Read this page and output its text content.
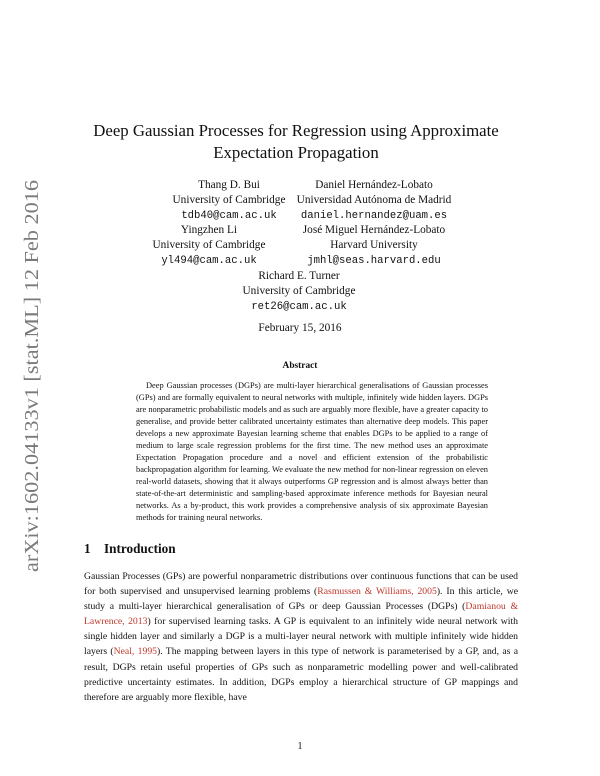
arXiv:1602.04133v1 [stat.ML] 12 Feb 2016
Deep Gaussian Processes for Regression using Approximate Expectation Propagation
Thang D. Bui
University of Cambridge
tdb40@cam.ac.uk
Daniel Hernández-Lobato
Universidad Autónoma de Madrid
daniel.hernandez@uam.es
Yingzhen Li
University of Cambridge
yl494@cam.ac.uk
José Miguel Hernández-Lobato
Harvard University
jmhl@seas.harvard.edu
Richard E. Turner
University of Cambridge
ret26@cam.ac.uk
February 15, 2016
Abstract
Deep Gaussian processes (DGPs) are multi-layer hierarchical generalisations of Gaussian processes (GPs) and are formally equivalent to neural networks with multiple, infinitely wide hidden layers. DGPs are nonparametric probabilistic models and as such are arguably more flexible, have a greater capacity to generalise, and provide better calibrated uncertainty estimates than alternative deep models. This paper develops a new approximate Bayesian learning scheme that enables DGPs to be applied to a range of medium to large scale regression problems for the first time. The new method uses an approximate Expectation Propagation procedure and a novel and efficient extension of the probabilistic backpropagation algorithm for learning. We evaluate the new method for non-linear regression on eleven real-world datasets, showing that it always outperforms GP regression and is almost always better than state-of-the-art deterministic and sampling-based approximate inference methods for Bayesian neural networks. As a by-product, this work provides a comprehensive analysis of six approximate Bayesian methods for training neural networks.
1 Introduction
Gaussian Processes (GPs) are powerful nonparametric distributions over continuous functions that can be used for both supervised and unsupervised learning problems (Rasmussen & Williams, 2005). In this article, we study a multi-layer hierarchical generalisation of GPs or deep Gaussian Processes (DGPs) (Damianou & Lawrence, 2013) for supervised learning tasks. A GP is equivalent to an infinitely wide neural network with single hidden layer and similarly a DGP is a multi-layer neural network with multiple infinitely wide hidden layers (Neal, 1995). The mapping between layers in this type of network is parameterised by a GP, and, as a result, DGPs retain useful properties of GPs such as nonparametric modelling power and well-calibrated predictive uncertainty estimates. In addition, DGPs employ a hierarchical structure of GP mappings and therefore are arguably more flexible, have
1
